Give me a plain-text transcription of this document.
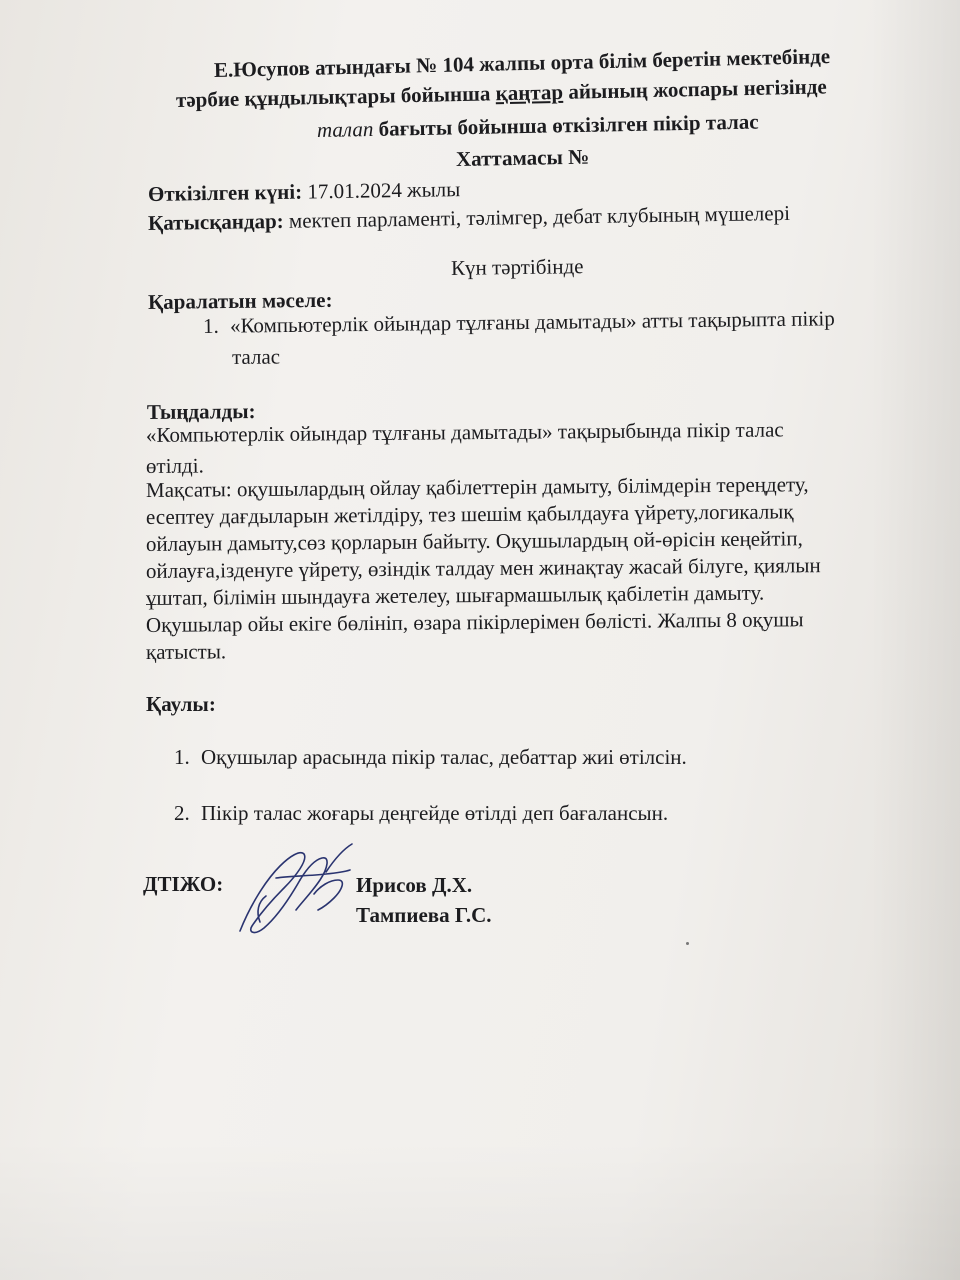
Е.Юсупов атындағы № 104 жалпы орта білім беретін мектебінде
тәрбие құндылықтары бойынша қаңтар айының жоспары негізінде
талап бағыты бойынша өткізілген пікір талас
Хаттамасы №
Өткізілген күні: 17.01.2024 жылы
Қатысқандар: мектеп парламенті, тәлімгер, дебат клубының мүшелері
Күн тәртібінде
Қаралатын мәселе:
1. «Компьютерлік ойындар тұлғаны дамытады» атты тақырыпта пікір
талас
Тыңдалды:
«Компьютерлік ойындар тұлғаны дамытады» тақырыбында пікір талас
өтілді.
Мақсаты: оқушылардың ойлау қабілеттерін дамыту, білімдерін тереңдету,
есептеу дағдыларын жетілдіру, тез шешім қабылдауға үйрету,логикалық
ойлауын дамыту,сөз қорларын байыту. Оқушылардың ой-өрісін кеңейтіп,
ойлауға,ізденуге үйрету, өзіндік талдау мен жинақтау жасай білуге, қиялын
ұштап, білімін шындауға жетелеу, шығармашылық қабілетін дамыту.
Оқушылар ойы екіге бөлініп, өзара пікірлерімен бөлісті. Жалпы 8 оқушы
қатысты.
Қаулы:
1. Оқушылар арасында пікір талас, дебаттар жиі өтілсін.
2. Пікір талас жоғары деңгейде өтілді деп бағалансын.
ДТІЖО:	Ирисов Д.Х.
Тампиева Г.С.
